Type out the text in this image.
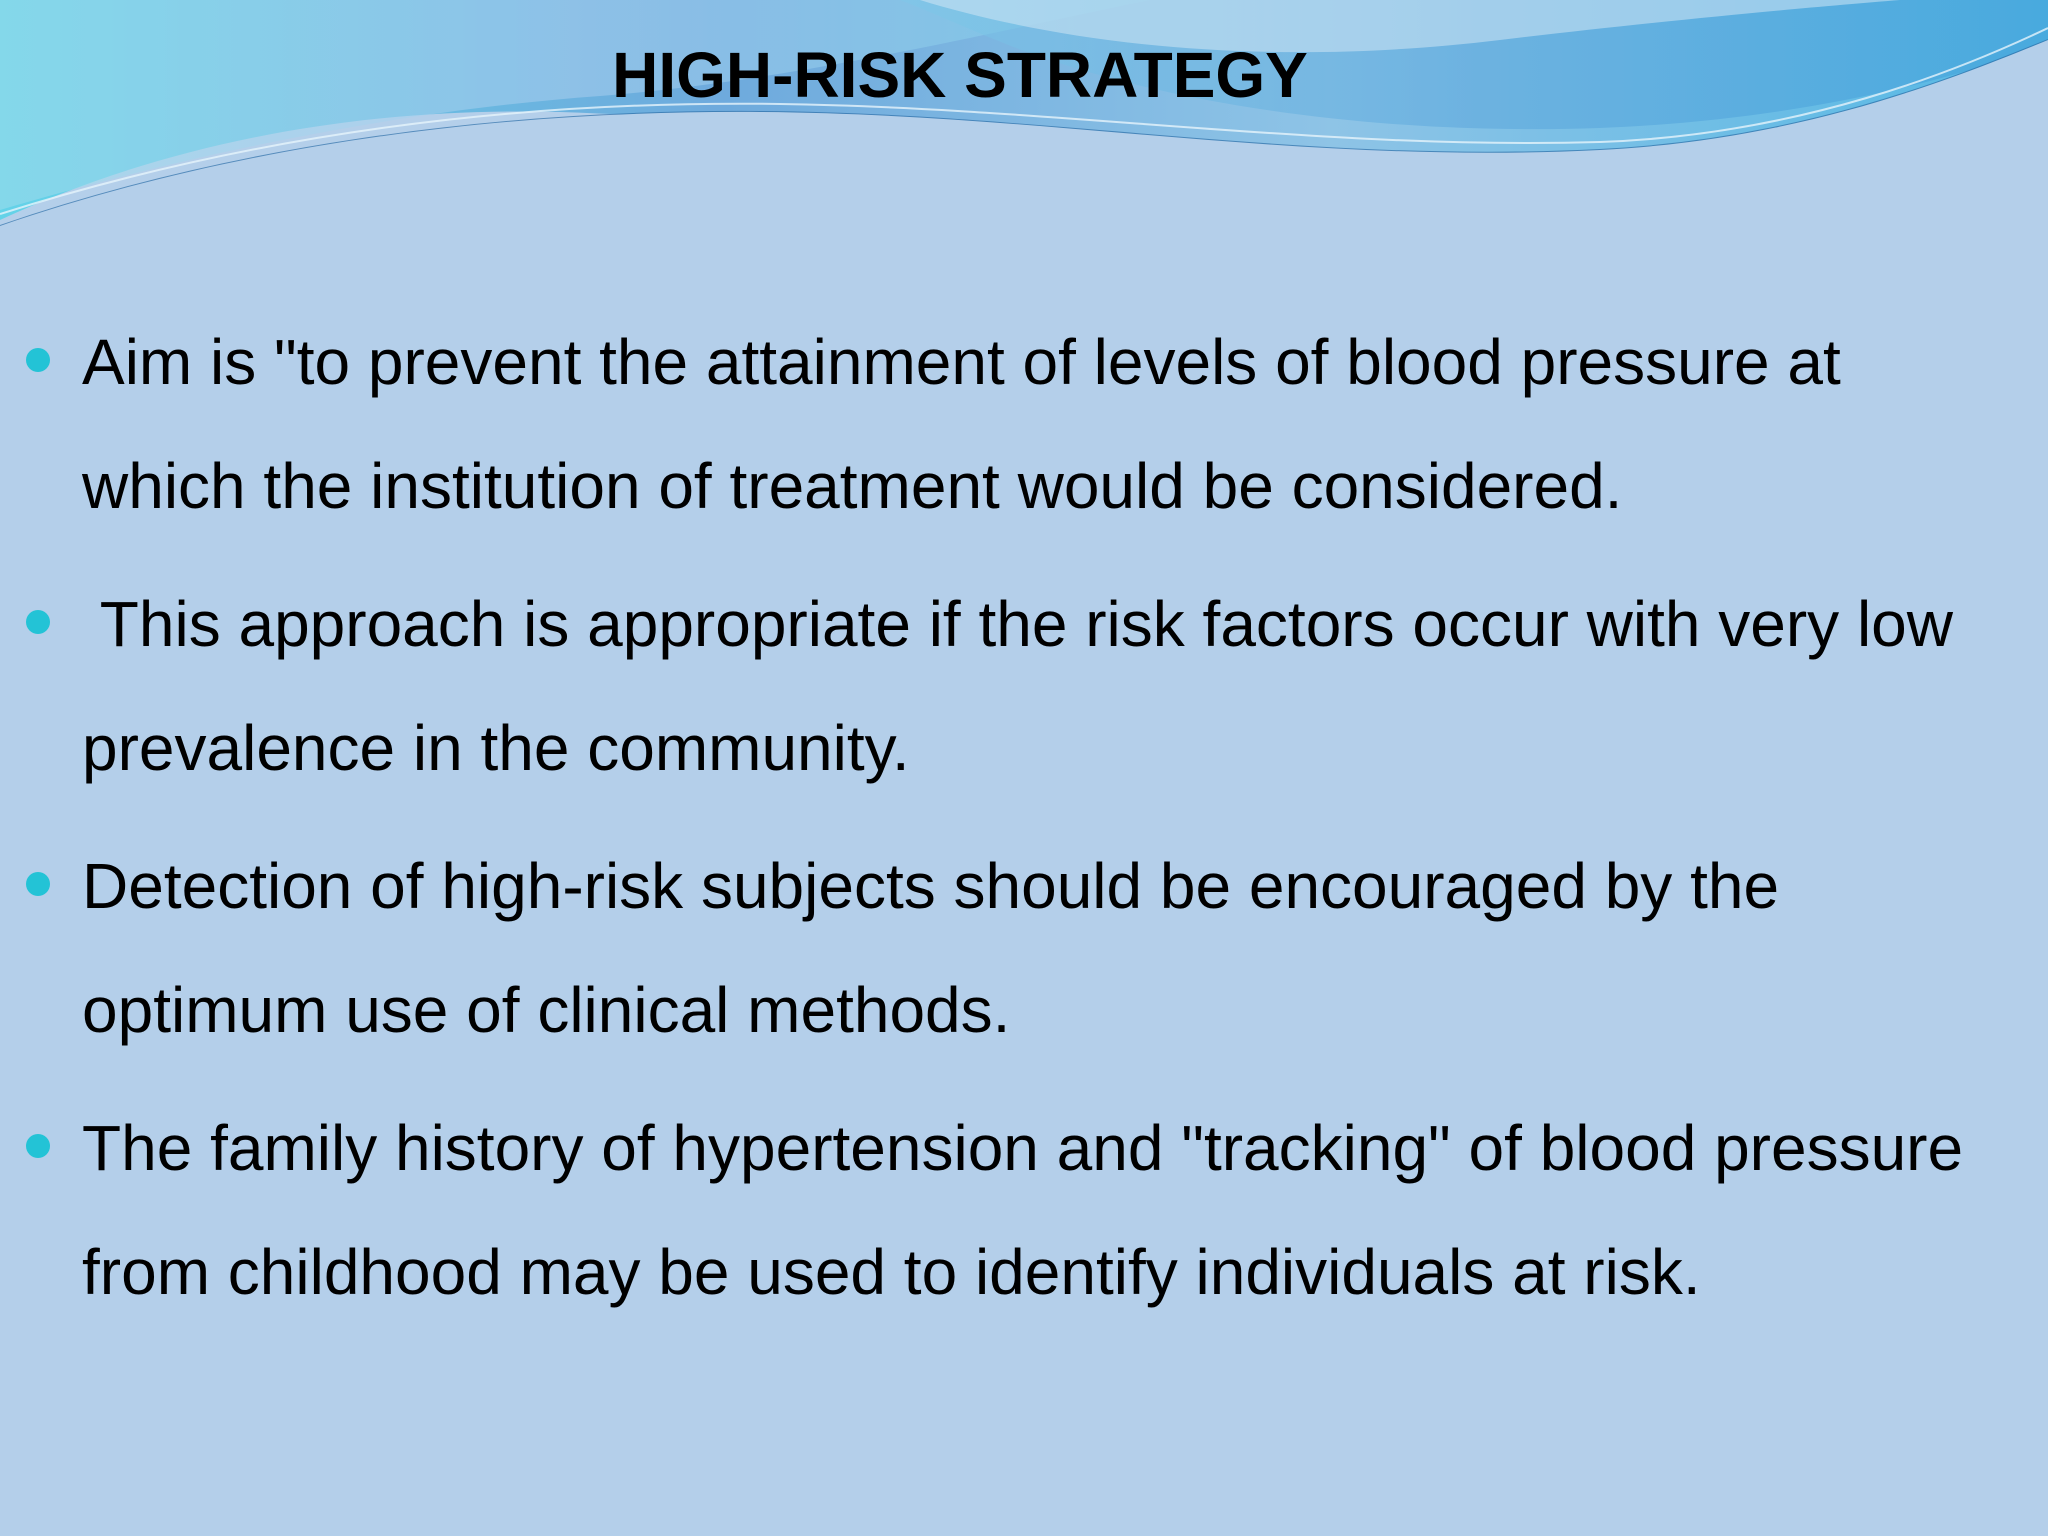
HIGH-RISK STRATEGY
Aim is "to prevent the attainment of levels of blood pressure at which the institution of treatment would be considered.
This approach is appropriate if the risk factors occur with very low prevalence in the community.
Detection of high-risk subjects should be encouraged by the optimum use of clinical methods.
The family history of hypertension and "tracking" of blood pressure from childhood may be used to identify individuals at risk.
